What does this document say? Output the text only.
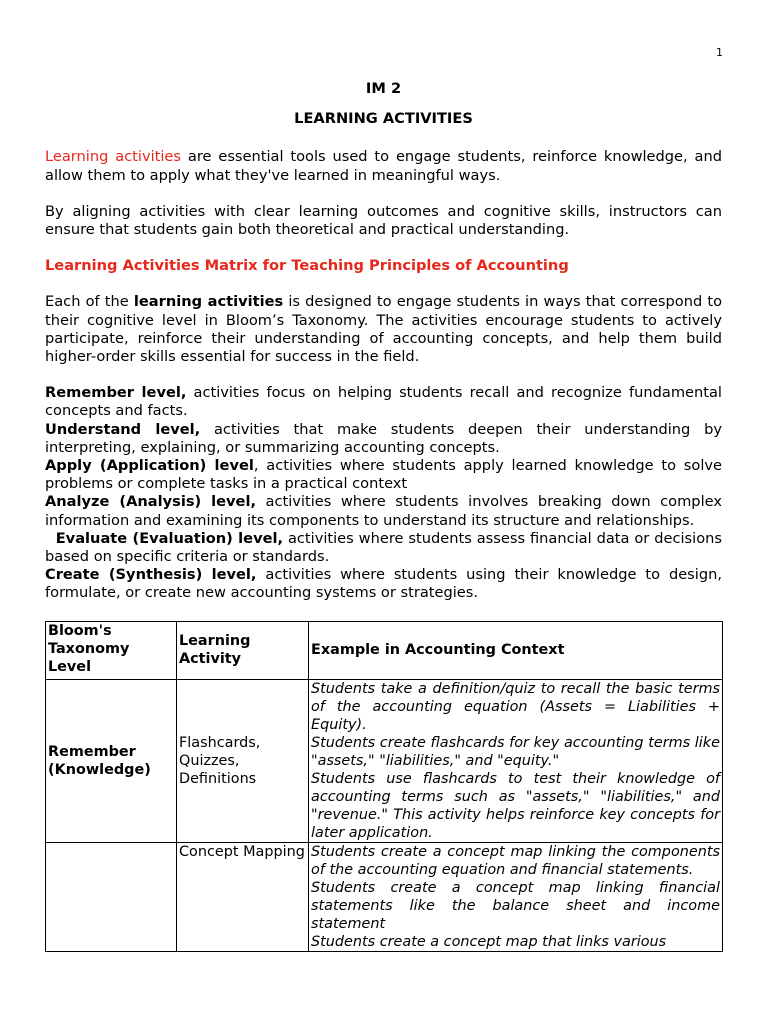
1

IM 2

LEARNING ACTIVITIES

Learning activities are essential tools used to engage students, reinforce knowledge, and allow them to apply what they've learned in meaningful ways.

By aligning activities with clear learning outcomes and cognitive skills, instructors can ensure that students gain both theoretical and practical understanding.

Learning Activities Matrix for Teaching Principles of Accounting

Each of the learning activities is designed to engage students in ways that correspond to their cognitive level in Bloom’s Taxonomy. The activities encourage students to actively participate, reinforce their understanding of accounting concepts, and help them build higher-order skills essential for success in the field.

Remember level, activities focus on helping students recall and recognize fundamental concepts and facts.

Understand level, activities that make students deepen their understanding by interpreting, explaining, or summarizing accounting concepts.

Apply (Application) level, activities where students apply learned knowledge to solve problems or complete tasks in a practical context

Analyze (Analysis) level, activities where students involves breaking down complex information and examining its components to understand its structure and relationships.

Evaluate (Evaluation) level, activities where students assess financial data or decisions based on specific criteria or standards.

Create (Synthesis) level, activities where students using their knowledge to design, formulate, or create new accounting systems or strategies.

Bloom's Taxonomy Level	Learning Activity	Example in Accounting Context
Remember (Knowledge)	Flashcards, Quizzes, Definitions	Students take a definition/quiz to recall the basic terms of the accounting equation (Assets = Liabilities + Equity).
Students create flashcards for key accounting terms like "assets," "liabilities," and "equity."
Students use flashcards to test their knowledge of accounting terms such as "assets," "liabilities," and "revenue." This activity helps reinforce key concepts for later application.
	Concept Mapping	Students create a concept map linking the components of the accounting equation and financial statements.
Students create a concept map linking financial statements like the balance sheet and income statement
Students create a concept map that links various
